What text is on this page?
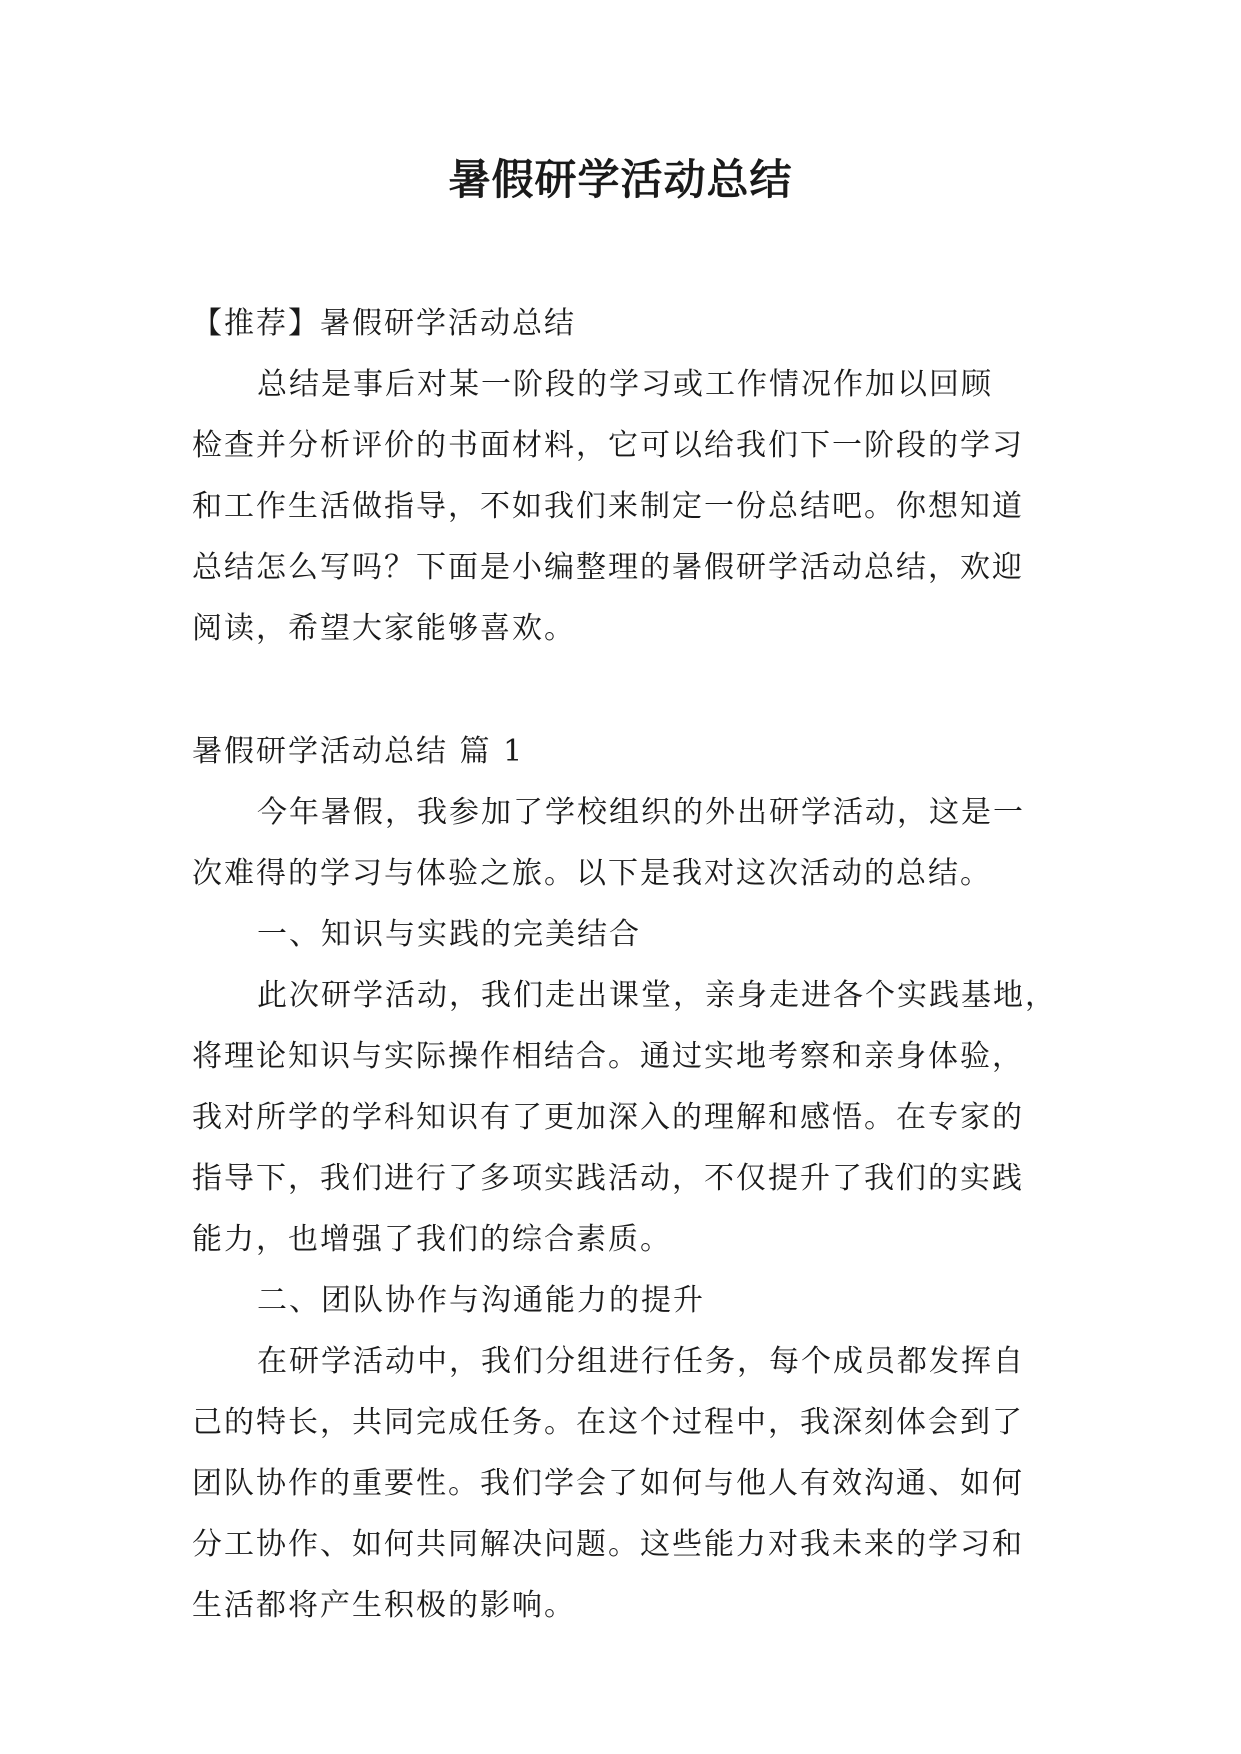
暑假研学活动总结
【推荐】暑假研学活动总结
总结是事后对某一阶段的学习或工作情况作加以回顾
检查并分析评价的书面材料，它可以给我们下一阶段的学习
和工作生活做指导，不如我们来制定一份总结吧。你想知道
总结怎么写吗？下面是小编整理的暑假研学活动总结，欢迎
阅读，希望大家能够喜欢。
暑假研学活动总结 篇 1
今年暑假，我参加了学校组织的外出研学活动，这是一
次难得的学习与体验之旅。以下是我对这次活动的总结。
一、知识与实践的完美结合
此次研学活动，我们走出课堂，亲身走进各个实践基地，
将理论知识与实际操作相结合。通过实地考察和亲身体验，
我对所学的学科知识有了更加深入的理解和感悟。在专家的
指导下，我们进行了多项实践活动，不仅提升了我们的实践
能力，也增强了我们的综合素质。
二、团队协作与沟通能力的提升
在研学活动中，我们分组进行任务，每个成员都发挥自
己的特长，共同完成任务。在这个过程中，我深刻体会到了
团队协作的重要性。我们学会了如何与他人有效沟通、如何
分工协作、如何共同解决问题。这些能力对我未来的学习和
生活都将产生积极的影响。
